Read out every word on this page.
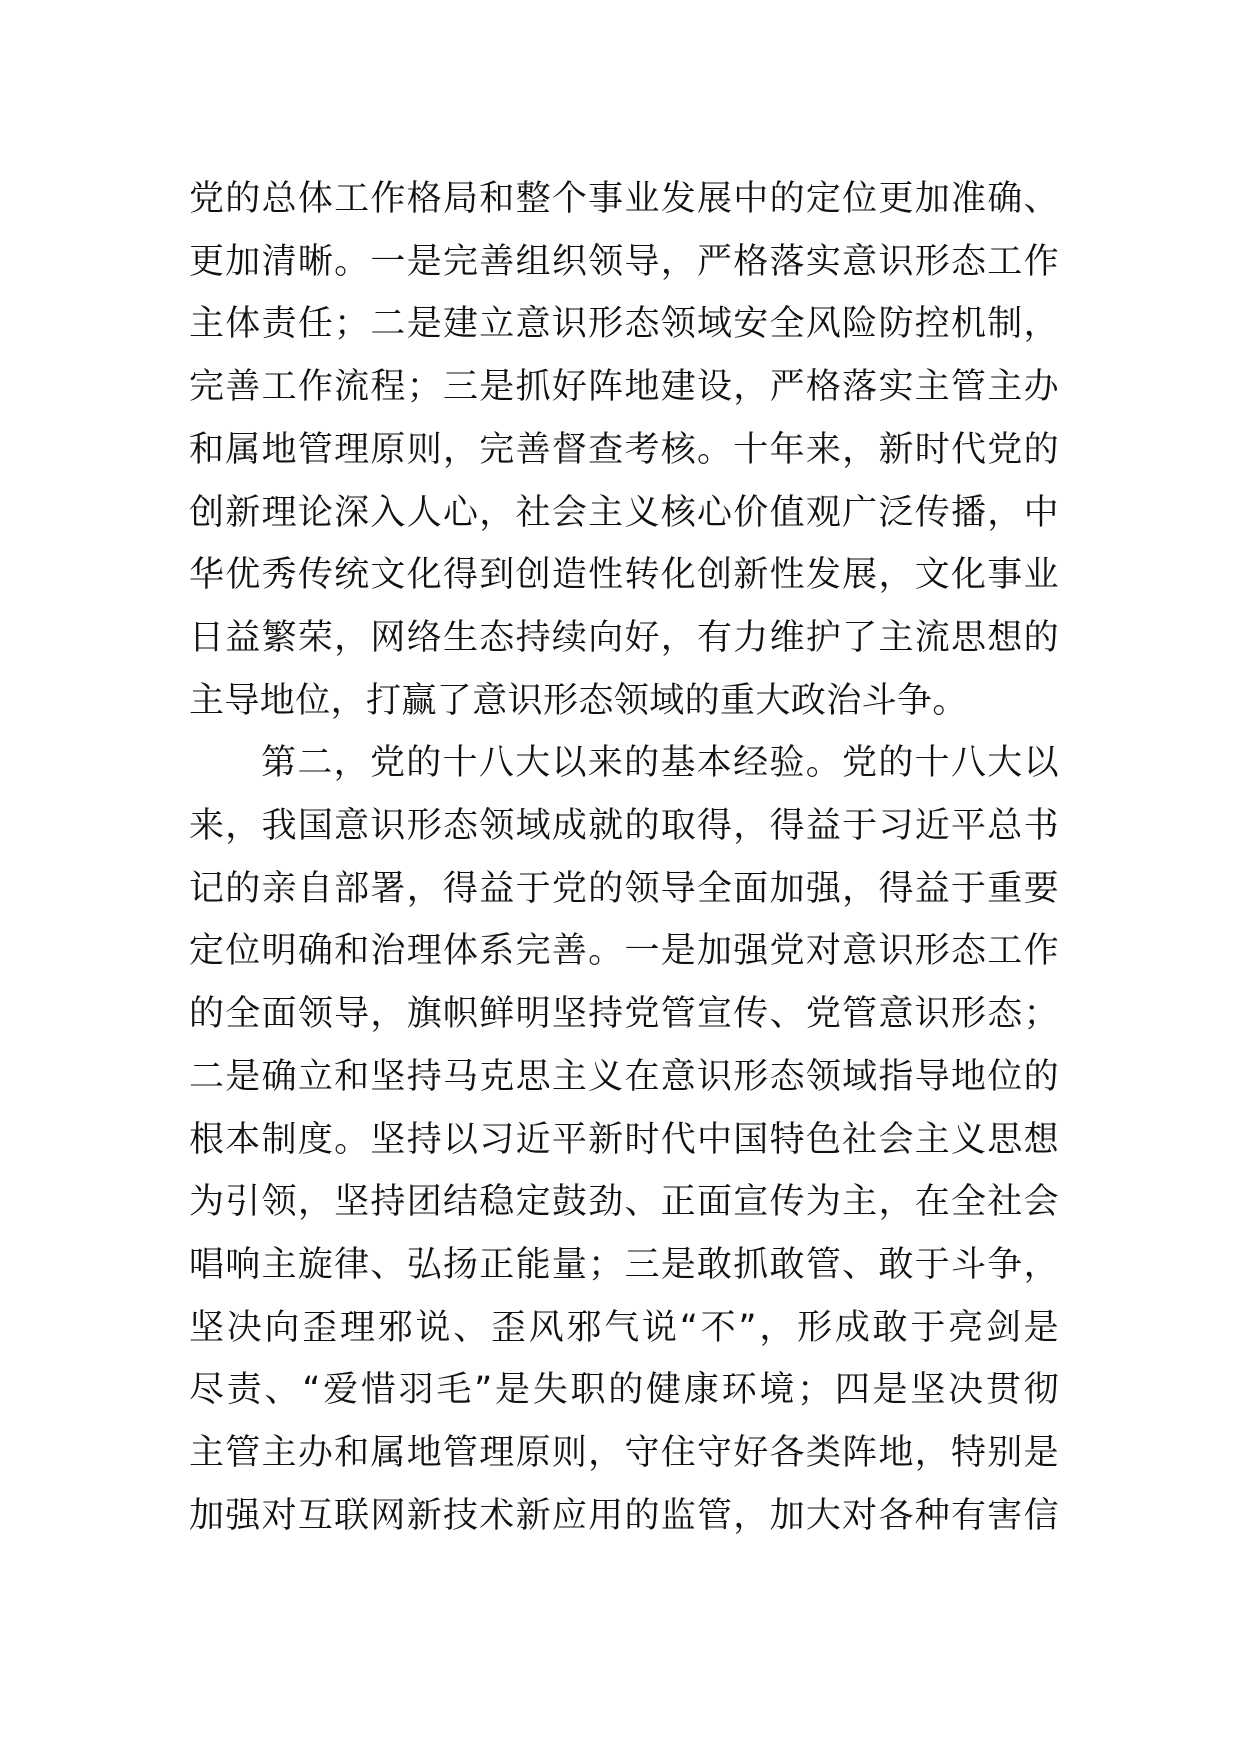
党的总体工作格局和整个事业发展中的定位更加准确、
更加清晰。一是完善组织领导，严格落实意识形态工作
主体责任；二是建立意识形态领域安全风险防控机制，
完善工作流程；三是抓好阵地建设，严格落实主管主办
和属地管理原则，完善督查考核。十年来，新时代党的
创新理论深入人心，社会主义核心价值观广泛传播，中
华优秀传统文化得到创造性转化创新性发展，文化事业
日益繁荣，网络生态持续向好，有力维护了主流思想的
主导地位，打赢了意识形态领域的重大政治斗争。

第二，党的十八大以来的基本经验。党的十八大以
来，我国意识形态领域成就的取得，得益于习近平总书
记的亲自部署，得益于党的领导全面加强，得益于重要
定位明确和治理体系完善。一是加强党对意识形态工作
的全面领导，旗帜鲜明坚持党管宣传、党管意识形态；
二是确立和坚持马克思主义在意识形态领域指导地位的
根本制度。坚持以习近平新时代中国特色社会主义思想
为引领，坚持团结稳定鼓劲、正面宣传为主，在全社会
唱响主旋律、弘扬正能量；三是敢抓敢管、敢于斗争，
坚决向歪理邪说、歪风邪气说“不”，形成敢于亮剑是
尽责、“爱惜羽毛”是失职的健康环境；四是坚决贯彻
主管主办和属地管理原则，守住守好各类阵地，特别是
加强对互联网新技术新应用的监管，加大对各种有害信
